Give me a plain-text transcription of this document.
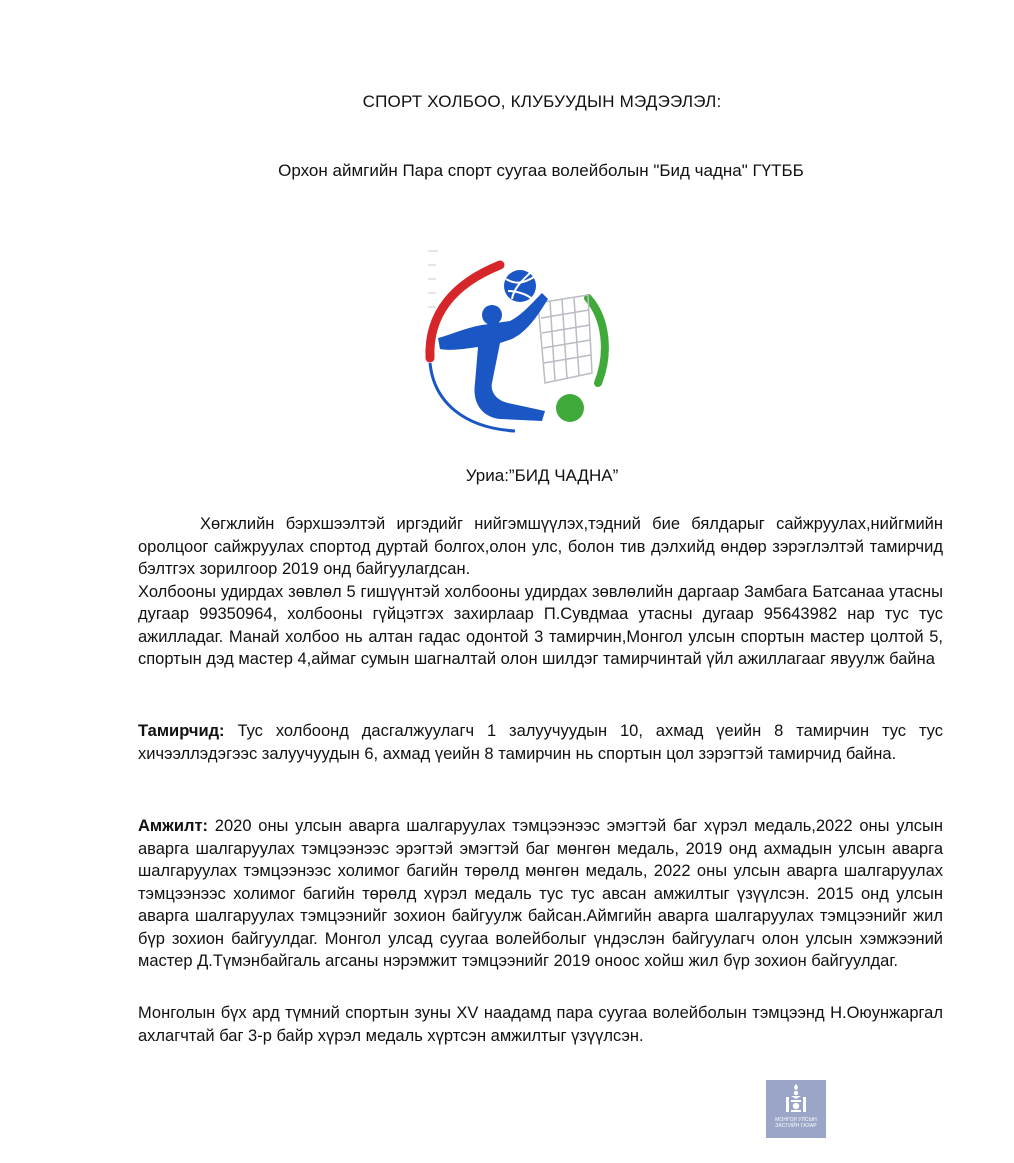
СПОРТ ХОЛБОО, КЛУБУУДЫН МЭДЭЭЛЭЛ:
Орхон аймгийн Пара спорт суугаа волейболын "Бид чадна" ГҮТББ
Уриа:”БИД ЧАДНА”

Хөгжлийн бэрхшээлтэй иргэдийг нийгэмшүүлэх,тэдний бие бялдарыг сайжруулах,нийгмийн оролцоог сайжруулах спортод дуртай болгох,олон улс, болон тив дэлхийд өндөр зэрэглэлтэй тамирчид бэлтгэх зорилгоор 2019 онд байгуулагдсан.

Холбооны удирдах зөвлөл 5 гишүүнтэй холбооны удирдах зөвлөлийн даргаар Замбага Батсанаа утасны дугаар 99350964, холбооны гүйцэтгэх захирлаар П.Сувдмаа утасны дугаар 95643982 нар тус тус ажилладаг. Манай холбоо нь алтан гадас одонтой 3 тамирчин,Монгол улсын спортын мастер цолтой 5, спортын дэд мастер 4,аймаг сумын шагналтай олон шилдэг тамирчинтай үйл ажиллагааг явуулж байна

Тамирчид: Тус холбоонд дасгалжуулагч 1 залуучуудын 10, ахмад үеийн 8 тамирчин тус тус хичээллэдэгээс залуучуудын 6, ахмад үеийн 8 тамирчин нь спортын цол зэрэгтэй тамирчид байна.

Амжилт: 2020 оны улсын аварга шалгаруулах тэмцээнээс эмэгтэй баг хүрэл медаль,2022 оны улсын аварга шалгаруулах тэмцээнээс эрэгтэй эмэгтэй баг мөнгөн медаль, 2019 онд ахмадын улсын аварга шалгаруулах тэмцээнээс холимог багийн төрөлд мөнгөн медаль, 2022 оны улсын аварга шалгаруулах тэмцээнээс холимог багийн төрөлд хүрэл медаль тус тус авсан амжилтыг үзүүлсэн. 2015 онд улсын аварга шалгаруулах тэмцээнийг зохион байгуулж байсан.Аймгийн аварга шалгаруулах тэмцээнийг жил бүр зохион байгуулдаг. Монгол улсад суугаа волейболыг үндэслэн байгуулагч олон улсын хэмжээний мастер Д.Түмэнбайгаль агсаны нэрэмжит тэмцээнийг 2019 оноос хойш жил бүр зохион байгуулдаг.

Монголын бүх ард түмний спортын зуны XV наадамд пара суугаа волейболын тэмцээнд Н.Оюунжаргал ахлагчтай баг 3-р байр хүрэл медаль хүртсэн амжилтыг үзүүлсэн.

МОНГОЛ УЛСЫН
ЗАСГИЙН ГАЗАР
